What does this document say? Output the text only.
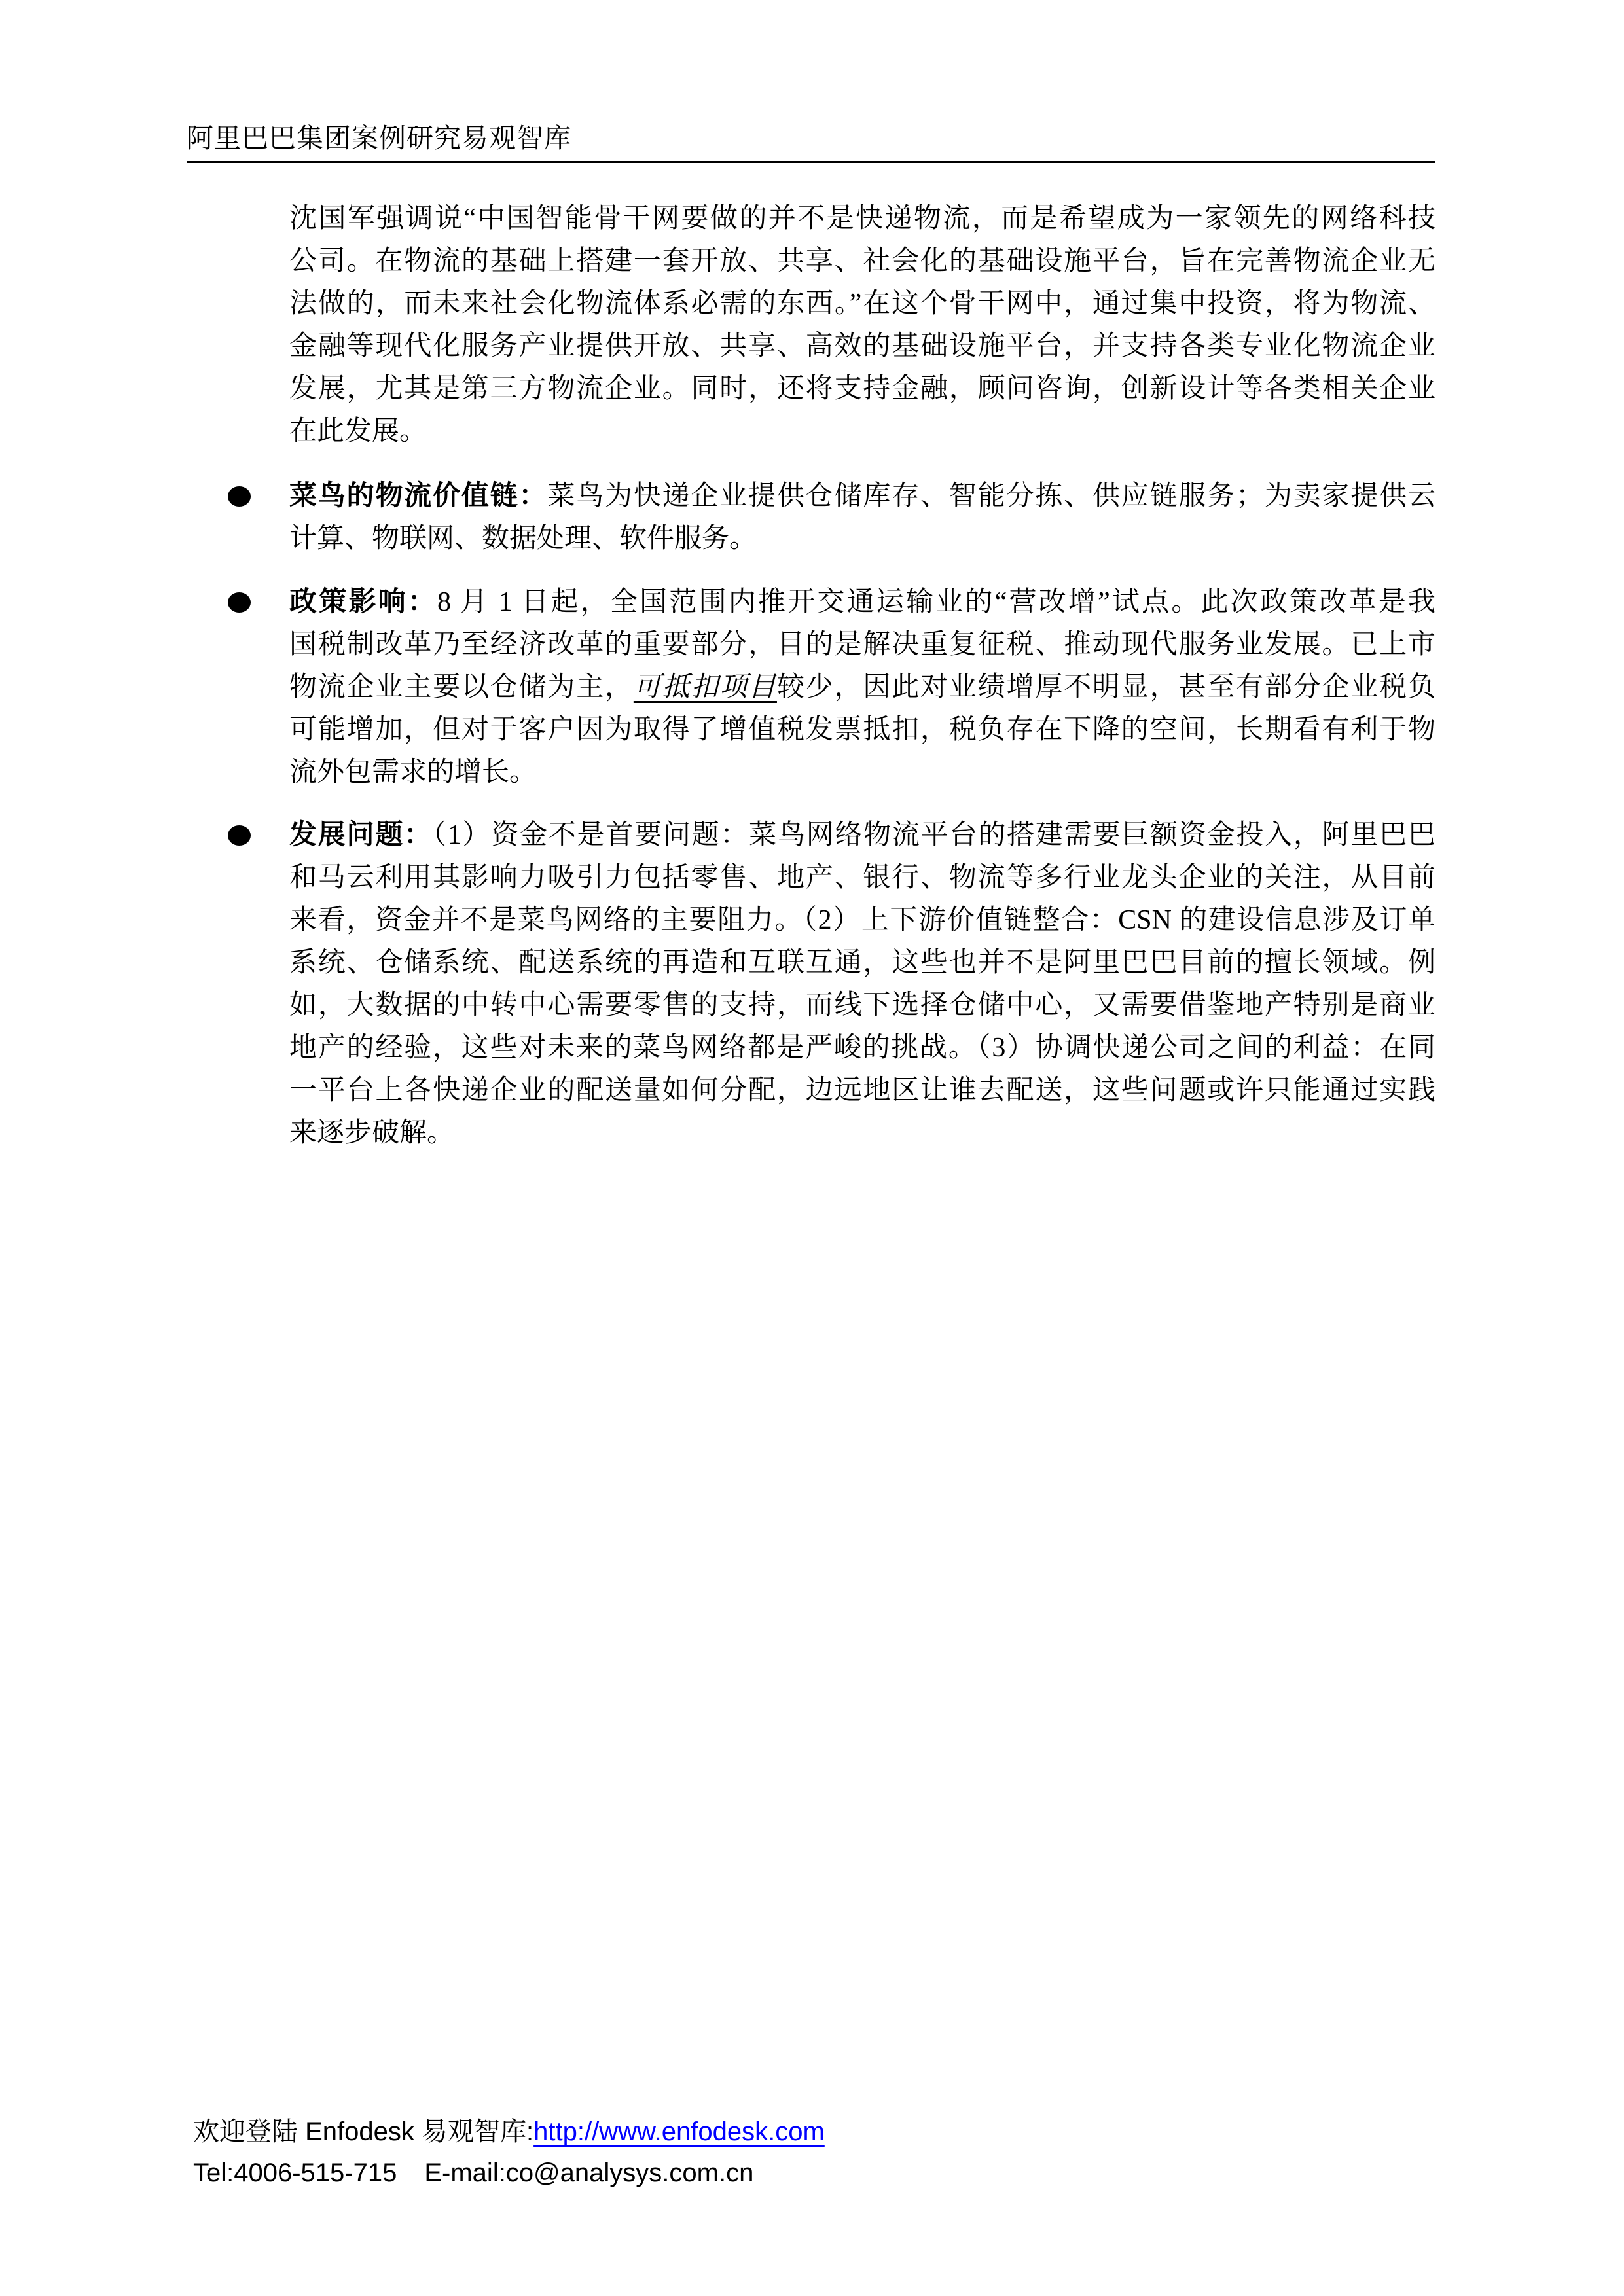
阿里巴巴集团案例研究易观智库
沈国军强调说“中国智能骨干网要做的并不是快递物流，而是希望成为一家领先的网络科技
公司。在物流的基础上搭建一套开放、共享、社会化的基础设施平台，旨在完善物流企业无
法做的，而未来社会化物流体系必需的东西。”在这个骨干网中，通过集中投资，将为物流、
金融等现代化服务产业提供开放、共享、高效的基础设施平台，并支持各类专业化物流企业
发展，尤其是第三方物流企业。同时，还将支持金融，顾问咨询，创新设计等各类相关企业
在此发展。
菜鸟的物流价值链：菜鸟为快递企业提供仓储库存、智能分拣、供应链服务；为卖家提供云
计算、物联网、数据处理、软件服务。
政策影响：8 月 1 日起，全国范围内推开交通运输业的“营改增”试点。此次政策改革是我
国税制改革乃至经济改革的重要部分，目的是解决重复征税、推动现代服务业发展。已上市
物流企业主要以仓储为主，可抵扣项目较少，因此对业绩增厚不明显，甚至有部分企业税负
可能增加，但对于客户因为取得了增值税发票抵扣，税负存在下降的空间，长期看有利于物
流外包需求的增长。
发展问题：（1）资金不是首要问题：菜鸟网络物流平台的搭建需要巨额资金投入，阿里巴巴
和马云利用其影响力吸引力包括零售、地产、银行、物流等多行业龙头企业的关注，从目前
来看，资金并不是菜鸟网络的主要阻力。（2）上下游价值链整合：CSN 的建设信息涉及订单
系统、仓储系统、配送系统的再造和互联互通，这些也并不是阿里巴巴目前的擅长领域。例
如，大数据的中转中心需要零售的支持，而线下选择仓储中心，又需要借鉴地产特别是商业
地产的经验，这些对未来的菜鸟网络都是严峻的挑战。（3）协调快递公司之间的利益：在同
一平台上各快递企业的配送量如何分配，边远地区让谁去配送，这些问题或许只能通过实践
来逐步破解。
欢迎登陆 Enfodesk 易观智库:http://www.enfodesk.com
Tel:4006-515-715 E-mail:co@analysys.com.cn
